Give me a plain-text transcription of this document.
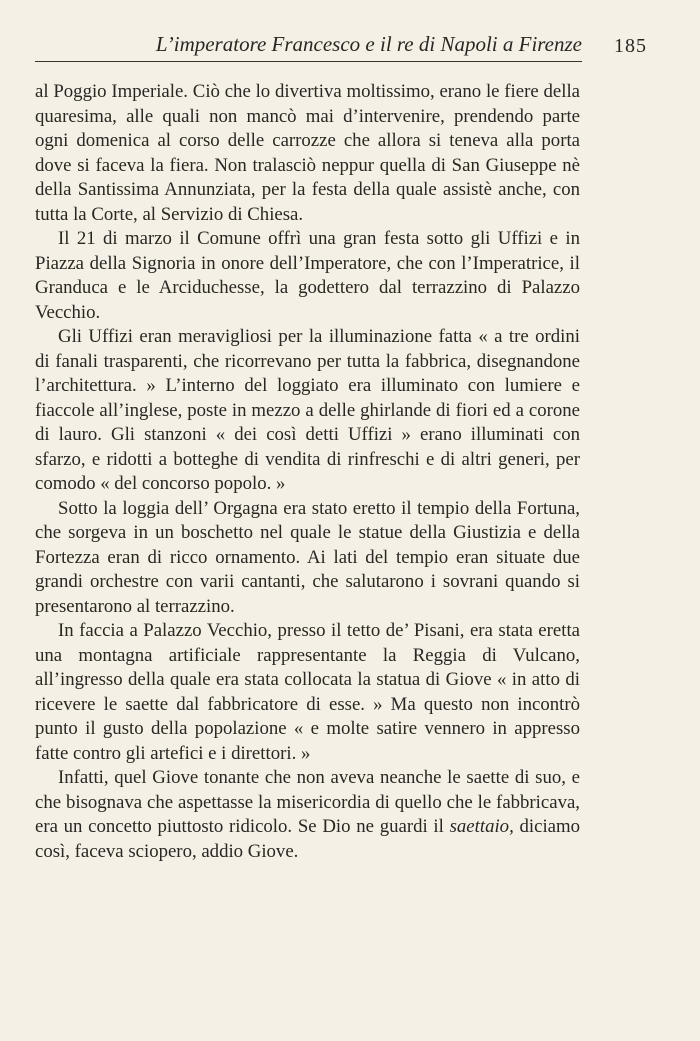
L’imperatore Francesco e il re di Napoli a Firenze 185

al Poggio Imperiale. Ciò che lo divertiva moltissimo, erano le fiere della quaresima, alle quali non mancò mai d’intervenire, prendendo parte ogni domenica al corso delle carrozze che allora si teneva alla porta dove si faceva la fiera. Non tralasciò neppur quella di San Giuseppe nè della Santissima Annunziata, per la festa della quale assistè anche, con tutta la Corte, al Servizio di Chiesa.

Il 21 di marzo il Comune offrì una gran festa sotto gli Uffizi e in Piazza della Signoria in onore dell’Imperatore, che con l’Imperatrice, il Granduca e le Arciduchesse, la godettero dal terrazzino di Palazzo Vecchio.

Gli Uffizi eran meravigliosi per la illuminazione fatta « a tre ordini di fanali trasparenti, che ricorrevano per tutta la fabbrica, disegnandone l’architettura. » L’interno del loggiato era illuminato con lumiere e fiaccole all’inglese, poste in mezzo a delle ghirlande di fiori ed a corone di lauro. Gli stanzoni « dei così detti Uffizi » erano illuminati con sfarzo, e ridotti a botteghe di vendita di rinfreschi e di altri generi, per comodo « del concorso popolo. »

Sotto la loggia dell’ Orgagna era stato eretto il tempio della Fortuna, che sorgeva in un boschetto nel quale le statue della Giustizia e della Fortezza eran di ricco ornamento. Ai lati del tempio eran situate due grandi orchestre con varii cantanti, che salutarono i sovrani quando si presentarono al terrazzino.

In faccia a Palazzo Vecchio, presso il tetto de’ Pisani, era stata eretta una montagna artificiale rappresentante la Reggia di Vulcano, all’ingresso della quale era stata collocata la statua di Giove « in atto di ricevere le saette dal fabbricatore di esse. » Ma questo non incontrò punto il gusto della popolazione « e molte satire vennero in appresso fatte contro gli artefici e i direttori. »

Infatti, quel Giove tonante che non aveva neanche le saette di suo, e che bisognava che aspettasse la misericordia di quello che le fabbricava, era un concetto piuttosto ridicolo. Se Dio ne guardi il saettaio, diciamo così, faceva sciopero, addio Giove.
